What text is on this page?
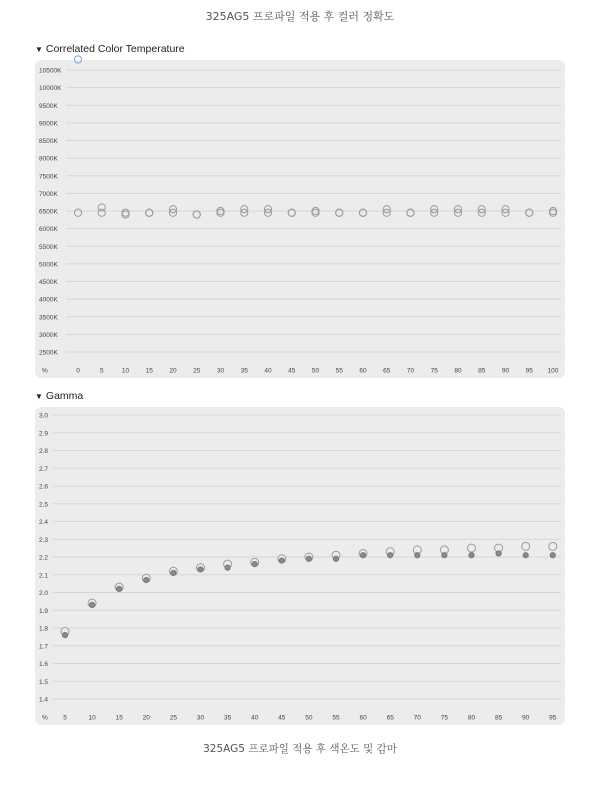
325AG5 프로파일 적용 후 컬러 정확도
▼ Correlated Color Temperature
▼ Gamma
2500K
3000K
3500K
4000K
4500K
5000K
5500K
6000K
6500K
7000K
7500K
8000K
8500K
9000K
9500K
10000K
10500K
%	0	5	10	15	20	25	30	35	40	45	50	55	60	65	70	75	80	85	90	95 100
1.4
1.5
1.6
1.7
1.8
1.9
2.0
2.1
2.2
2.3
2.4
2.5
2.6
2.7
2.8
2.9
3.0
% 5	10	15	20	25	30	35	40	45	50	55	60	65	70	75	80	85	90	95
325AG5 프로파일 적용 후 색온도 및 감마
